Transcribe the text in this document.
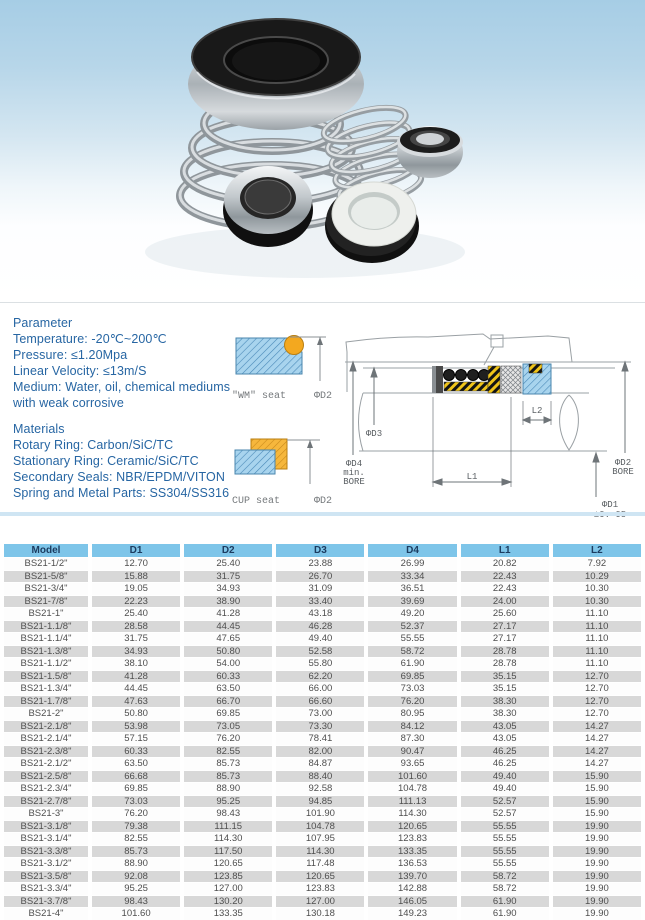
Parameter
Temperature: -20℃~200℃
Pressure: ≤1.20Mpa
Linear Velocity: ≤13m/S
Medium: Water, oil, chemical mediums
with weak corrosive
Materials
Rotary Ring: Carbon/SiC/TC
Stationary Ring: Ceramic/SiC/TC
Secondary Seals: NBR/EPDM/VITON
Spring and Metal Parts: SS304/SS316
"WM" seat	ΦD2
CUP seat	ΦD2
ΦD3
ΦD4
min.
BORE	L1
L2
ΦD1
ΦD2
BORE
Model	D1	D2	D3	D4	L1	L2
BS21-1/2"	12.70	25.40	23.88	26.99	20.82	7.92
BS21-5/8"	15.88	31.75	26.70	33.34	22.43	10.29
BS21-3/4"	19.05	34.93	31.09	36.51	22.43	10.30
BS21-7/8"	22.23	38.90	33.40	39.69	24.00	10.30
BS21-1"	25.40	41.28	43.18	49.20	25.60	11.10
BS21-1.1/8"	28.58	44.45	46.28	52.37	27.17	11.10
BS21-1.1/4"	31.75	47.65	49.40	55.55	27.17	11.10
BS21-1.3/8"	34.93	50.80	52.58	58.72	28.78	11.10
BS21-1.1/2"	38.10	54.00	55.80	61.90	28.78	11.10
BS21-1.5/8"	41.28	60.33	62.20	69.85	35.15	12.70
BS21-1.3/4"	44.45	63.50	66.00	73.03	35.15	12.70
BS21-1.7/8"	47.63	66.70	66.60	76.20	38.30	12.70
BS21-2"	50.80	69.85	73.00	80.95	38.30	12.70
BS21-2.1/8"	53.98	73.05	73.30	84.12	43.05	14.27
BS21-2.1/4"	57.15	76.20	78.41	87.30	43.05	14.27
BS21-2.3/8"	60.33	82.55	82.00	90.47	46.25	14.27
BS21-2.1/2"	63.50	85.73	84.87	93.65	46.25	14.27
BS21-2.5/8"	66.68	85.73	88.40	101.60	49.40	15.90
BS21-2.3/4"	69.85	88.90	92.58	104.78	49.40	15.90
BS21-2.7/8"	73.03	95.25	94.85	111.13	52.57	15.90
BS21-3"	76.20	98.43	101.90	114.30	52.57	15.90
BS21-3.1/8"	79.38	111.15	104.78	120.65	55.55	19.90
BS21-3.1/4"	82.55	114.30	107.95	123.83	55.55	19.90
BS21-3.3/8"	85.73	117.50	114.30	133.35	55.55	19.90
BS21-3.1/2"	88.90	120.65	117.48	136.53	55.55	19.90
BS21-3.5/8"	92.08	123.85	120.65	139.70	58.72	19.90
BS21-3.3/4"	95.25	127.00	123.83	142.88	58.72	19.90
BS21-3.7/8"	98.43	130.20	127.00	146.05	61.90	19.90
BS21-4"	101.60	133.35	130.18	149.23	61.90	19.90
